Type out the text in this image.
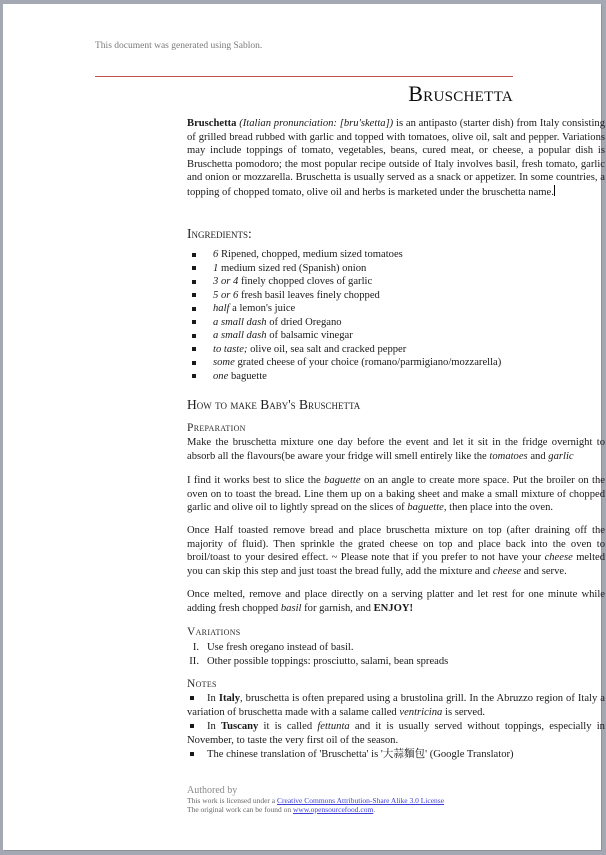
This document was generated using Sablon.
Bruschetta
Bruschetta (Italian pronunciation: [bru'sketta]) is an antipasto (starter dish) from Italy consisting of grilled bread rubbed with garlic and topped with tomatoes, olive oil, salt and pepper. Variations may include toppings of tomato, vegetables, beans, cured meat, or cheese, a popular dish is Bruschetta pomodoro; the most popular recipe outside of Italy involves basil, fresh tomato, garlic and onion or mozzarella. Bruschetta is usually served as a snack or appetizer. In some countries, a topping of chopped tomato, olive oil and herbs is marketed under the bruschetta name.
Ingredients:
6
Ripened, chopped, medium sized tomatoes
1
medium sized red (Spanish) onion
3 or 4
finely chopped cloves of garlic
5 or 6
fresh basil leaves finely chopped
half
a lemon's juice
a small dash
of dried Oregano
a small dash
of balsamic vinegar
to taste;
olive oil, sea salt and cracked pepper
some
grated cheese of your choice (romano/parmigiano/mozzarella)
one
baguette
How to make Baby's Bruschetta
Preparation
Make the bruschetta mixture one day before the event and let it sit in the fridge overnight to absorb all the flavours(be aware your fridge will smell entirely like the tomatoes and garlic
I find it works best to slice the baguette on an angle to create more space. Put the broiler on the oven on to toast the bread. Line them up on a baking sheet and make a small mixture of chopped garlic and olive oil to lightly spread on the slices of baguette, then place into the oven.
Once Half toasted remove bread and place bruschetta mixture on top (after draining off the majority of fluid). Then sprinkle the grated cheese on top and place back into the oven to broil/toast to your desired effect. ~ Please note that if you prefer to not have your cheese melted you can skip this step and just toast the bread fully, add the mixture and cheese and serve.
Once melted, remove and place directly on a serving platter and let rest for one minute while adding fresh chopped basil for garnish, and ENJOY!
Variations
I. Use fresh oregano instead of basil.
II. Other possible toppings: prosciutto, salami, bean spreads
Notes
In Italy, bruschetta is often prepared using a brustolina grill. In the Abruzzo region of Italy a variation of bruschetta made with a salame called ventricina is served.
In Tuscany it is called fettunta and it is usually served without toppings, especially in November, to taste the very first oil of the season.
The chinese translation of 'Bruschetta' is '大蒜麵包' (Google Translator)
Authored by
This work is licensed under a Creative Commons Attribution-Share Alike 3.0 License
The original work can be found on www.opensourcefood.com.
